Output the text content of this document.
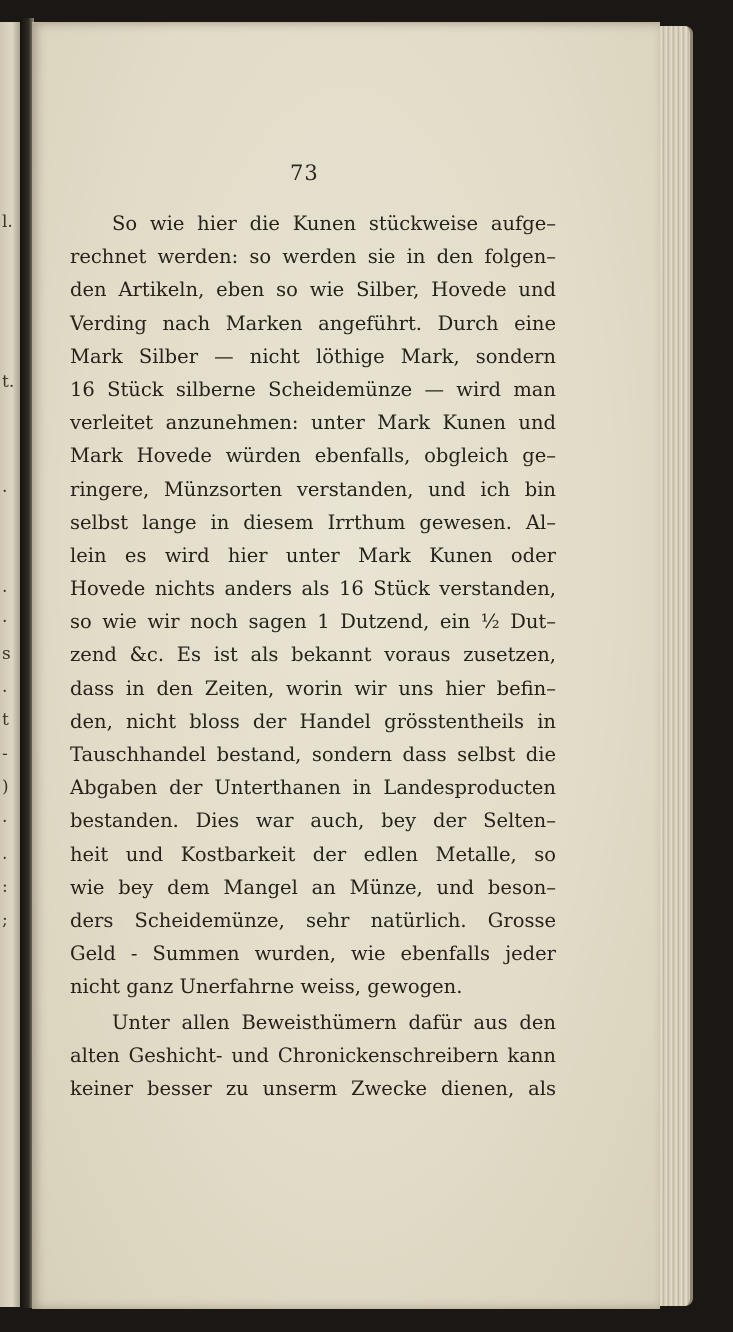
l.
t.
.
.
·
s
.
t
-
)
·
.
:
;
73
So wie hier die Kunen stückweise aufge–
rechnet werden: so werden sie in den folgen–
den Artikeln, eben so wie Silber, Hovede und
Verding nach Marken angeführt. Durch eine
Mark Silber — nicht löthige Mark, sondern
16 Stück silberne Scheidemünze — wird man
verleitet anzunehmen: unter Mark Kunen und
Mark Hovede würden ebenfalls, obgleich ge–
ringere, Münzsorten verstanden, und ich bin
selbst lange in diesem Irrthum gewesen. Al–
lein es wird hier unter Mark Kunen oder
Hovede nichts anders als 16 Stück verstanden,
so wie wir noch sagen 1 Dutzend, ein ½ Dut–
zend &c. Es ist als bekannt voraus zusetzen,
dass in den Zeiten, worin wir uns hier befin–
den, nicht bloss der Handel grösstentheils in
Tauschhandel bestand, sondern dass selbst die
Abgaben der Unterthanen in Landesproducten
bestanden. Dies war auch, bey der Selten–
heit und Kostbarkeit der edlen Metalle, so
wie bey dem Mangel an Münze, und beson–
ders Scheidemünze, sehr natürlich. Grosse
Geld - Summen wurden, wie ebenfalls jeder
nicht ganz Unerfahrne weiss, gewogen.
Unter allen Beweisthümern dafür aus den
alten Geshicht- und Chronickenschreibern kann
keiner besser zu unserm Zwecke dienen, als
